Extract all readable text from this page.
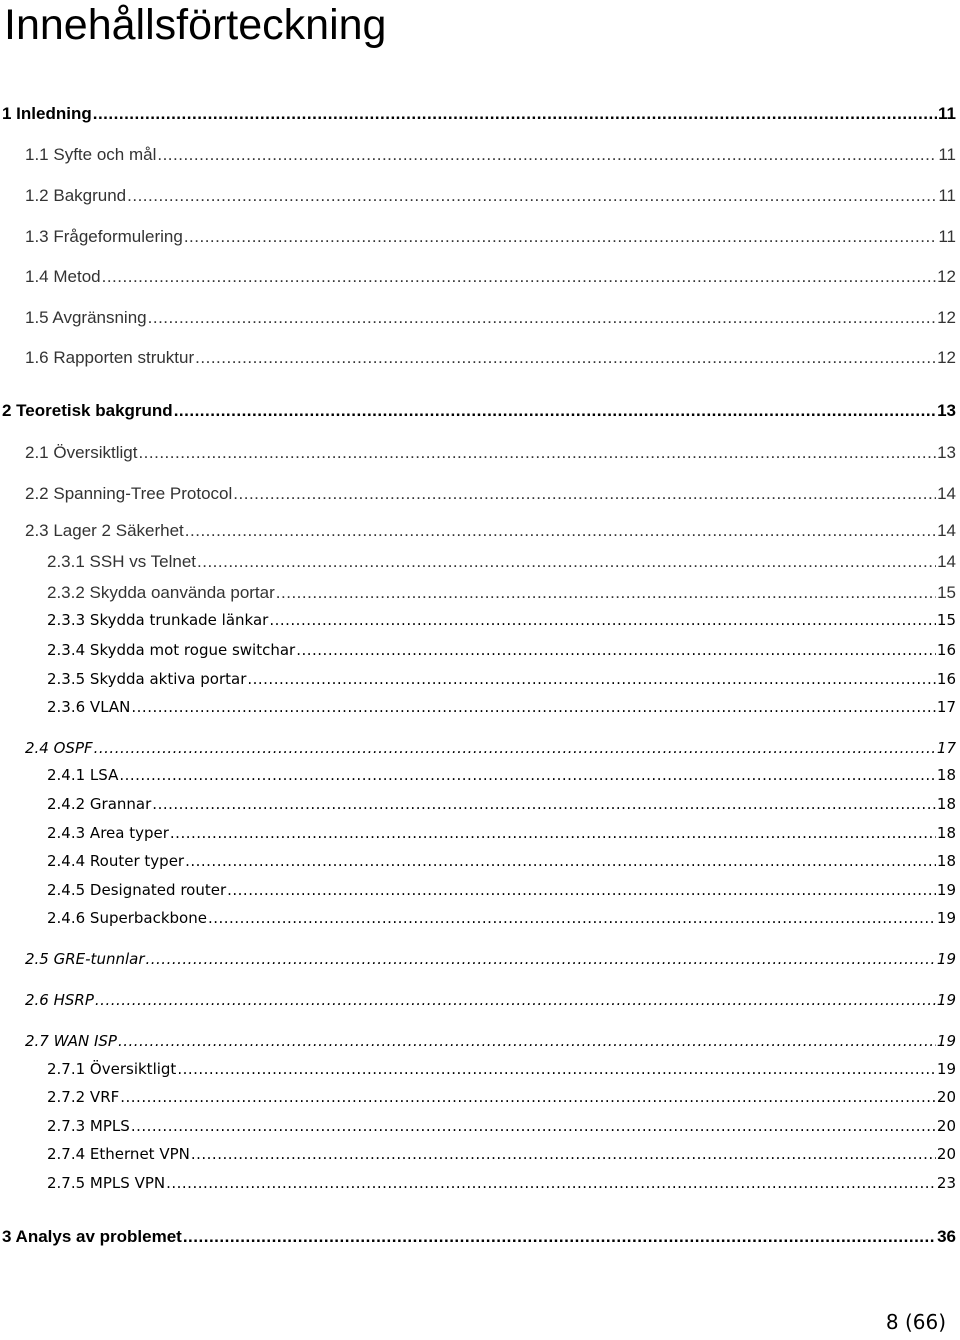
Innehållsförteckning
1 Inledning .....	11
1.1 Syfte och mål .....	11
1.2 Bakgrund .....	11
1.3 Frågeformulering .....	11
1.4 Metod .....	12
1.5 Avgränsning .....	12
1.6 Rapporten struktur .....	12
2 Teoretisk bakgrund .....	13
2.1 Översiktligt .....	13
2.2 Spanning-Tree Protocol .....	14
2.3 Lager 2 Säkerhet .....	14
2.3.1 SSH vs Telnet .....	14
2.3.2 Skydda oanvända portar .....	15
2.3.3 Skydda trunkade länkar .....	15
2.3.4 Skydda mot rogue switchar .....	16
2.3.5 Skydda aktiva portar .....	16
2.3.6 VLAN .....	17
2.4 OSPF .....	17
2.4.1 LSA .....	18
2.4.2 Grannar .....	18
2.4.3 Area typer .....	18
2.4.4 Router typer .....	18
2.4.5 Designated router .....	19
2.4.6 Superbackbone .....	19
2.5 GRE-tunnlar .....	19
2.6 HSRP .....	19
2.7 WAN ISP .....	19
2.7.1 Översiktligt .....	19
2.7.2 VRF .....	20
2.7.3 MPLS .....	20
2.7.4 Ethernet VPN .....	20
2.7.5 MPLS VPN .....	23
3 Analys av problemet .....	36
8 (66)
